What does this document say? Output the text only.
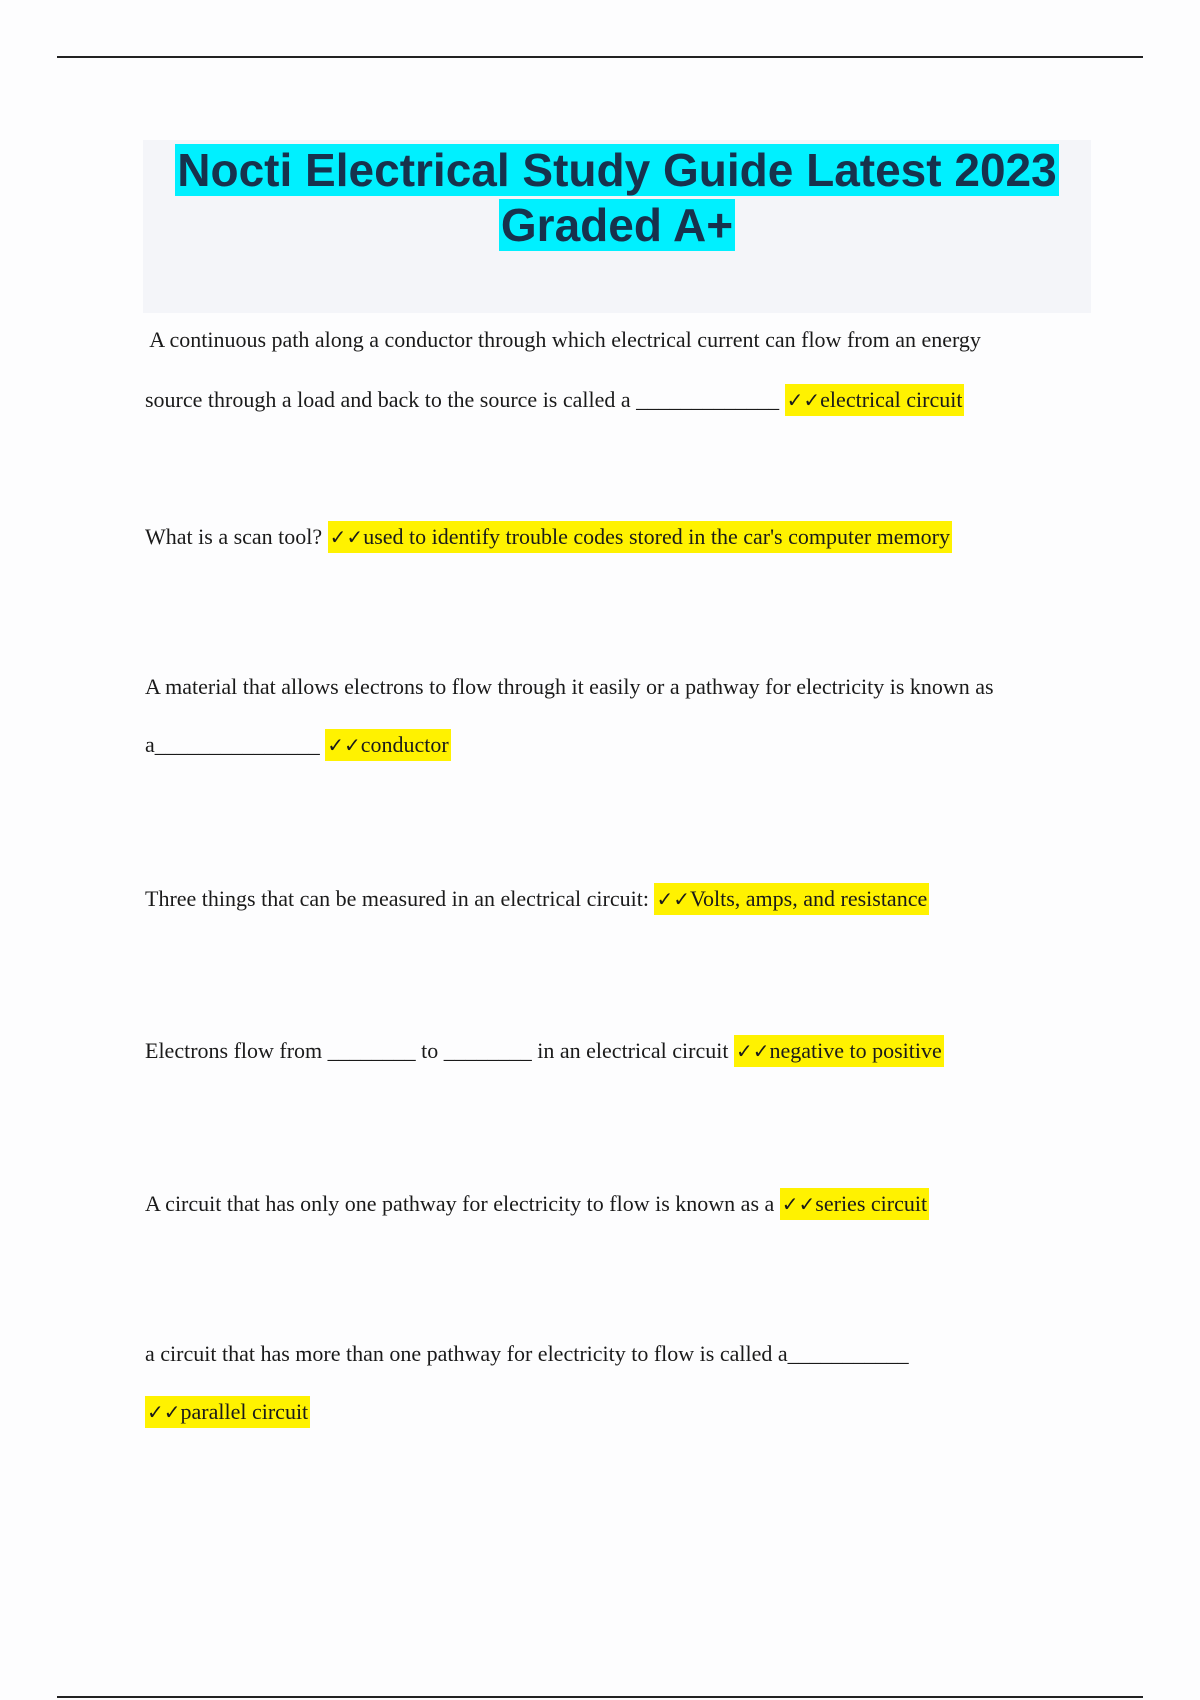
Nocti Electrical Study Guide Latest 2023
Graded A+
A continuous path along a conductor through which electrical current can flow from an energy
source through a load and back to the source is called a _____________ ✓✓electrical circuit
What is a scan tool? ✓✓used to identify trouble codes stored in the car's computer memory
A material that allows electrons to flow through it easily or a pathway for electricity is known as
a_______________ ✓✓conductor
Three things that can be measured in an electrical circuit: ✓✓Volts, amps, and resistance
Electrons flow from ________ to ________ in an electrical circuit ✓✓negative to positive
A circuit that has only one pathway for electricity to flow is known as a ✓✓series circuit
a circuit that has more than one pathway for electricity to flow is called a___________
✓✓parallel circuit
